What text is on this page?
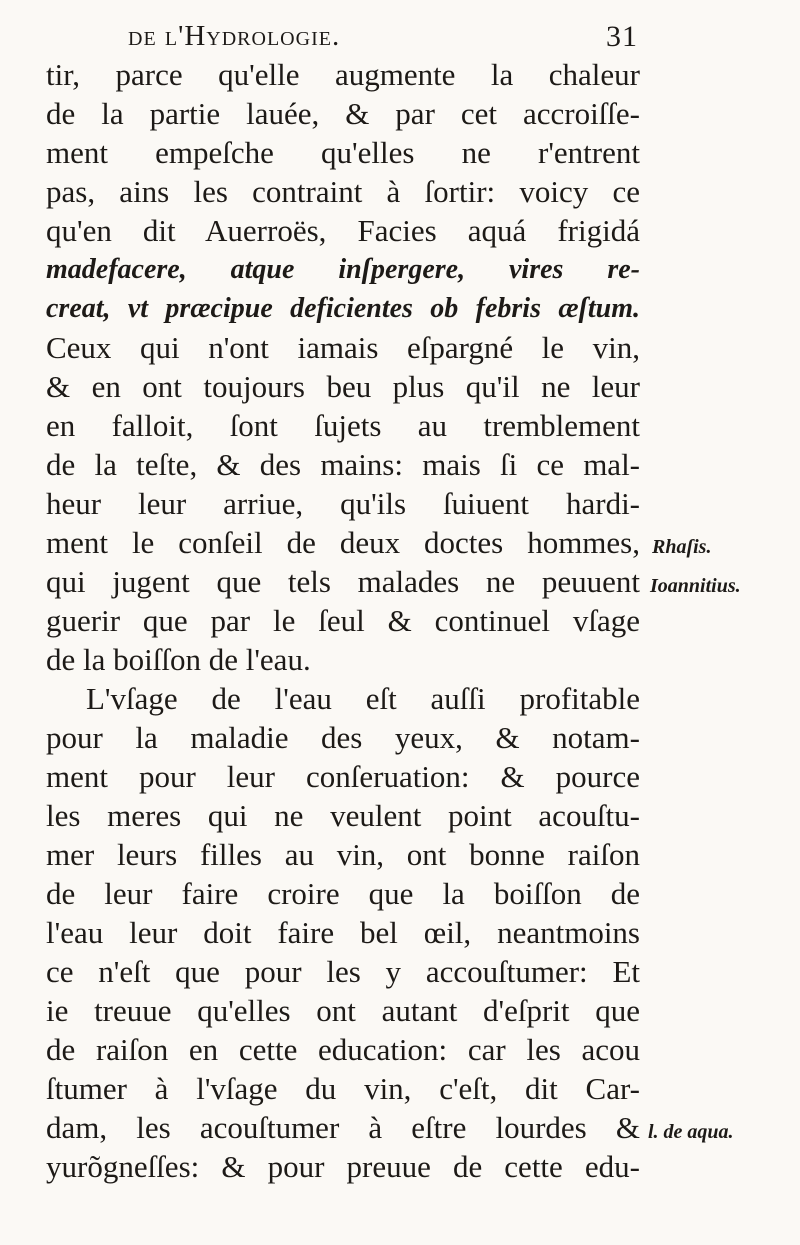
de l'Hydrologie.	31
tir, parce qu'elle augmente la chaleur
de la partie lauée, & par cet accroiſſe-
ment empeſche qu'elles ne r'entrent
pas, ains les contraint à ſortir: voicy ce
qu'en dit Auerroës, Facies aquá frigidá
madefacere, atque inſpergere, vires re-
creat, vt præcipue deficientes ob febris æſtum.
Ceux qui n'ont iamais eſpargné le vin,
& en ont toujours beu plus qu'il ne leur
en falloit, ſont ſujets au tremblement
de la teſte, & des mains: mais ſi ce mal-
heur leur arriue, qu'ils ſuiuent hardi-
ment le conſeil de deux doctes hommes,
qui jugent que tels malades ne peuuent
guerir que par le ſeul & continuel vſage
de la boiſſon de l'eau.
L'vſage de l'eau eſt auſſi profitable
pour la maladie des yeux, & notam-
ment pour leur conſeruation: & pource
les meres qui ne veulent point acouſtu-
mer leurs filles au vin, ont bonne raiſon
de leur faire croire que la boiſſon de
l'eau leur doit faire bel œil, neantmoins
ce n'eſt que pour les y accouſtumer: Et
ie treuue qu'elles ont autant d'eſprit que
de raiſon en cette education: car les acou
ſtumer à l'vſage du vin, c'eſt, dit Car-
dam, les acouſtumer à eſtre lourdes &
yurõgneſſes: & pour preuue de cette edu-
Rhaſis.
Ioannitius.
l. de aqua.
